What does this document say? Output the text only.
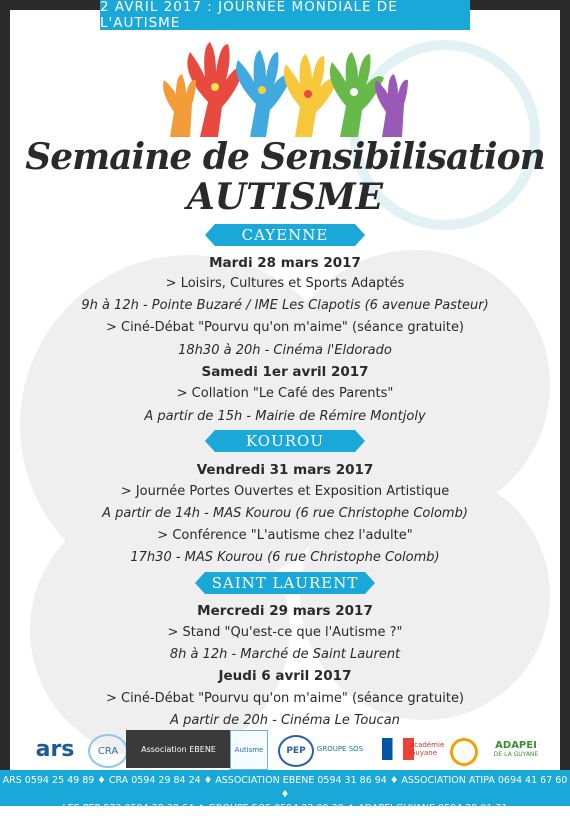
2 AVRIL 2017 : JOURNEE MONDIALE DE L'AUTISME
Semaine de Sensibilisation
AUTISME
CAYENNE
Mardi 28 mars 2017
> Loisirs, Cultures et Sports Adaptés
9h à 12h - Pointe Buzaré / IME Les Clapotis (6 avenue Pasteur)
> Ciné-Débat "Pourvu qu'on m'aime" (séance gratuite)
18h30 à 20h - Cinéma l'Eldorado
Samedi 1er avril 2017
> Collation "Le Café des Parents"
A partir de 15h - Mairie de Rémire Montjoly
KOUROU
Vendredi 31 mars 2017
> Journée Portes Ouvertes et Exposition Artistique
A partir de 14h - MAS Kourou (6 rue Christophe Colomb)
> Conférence "L'autisme chez l'adulte"
17h30 - MAS Kourou (6 rue Christophe Colomb)
SAINT LAURENT
Mercredi 29 mars 2017
> Stand "Qu'est-ce que l'Autisme ?"
8h à 12h - Marché de Saint Laurent
Jeudi 6 avril 2017
> Ciné-Débat "Pourvu qu'on m'aime" (séance gratuite)
A partir de 20h - Cinéma Le Toucan
ars CRA	Association EBENE	Autisme	PEP GROUPE SOS	académie Guyane
ADAPEI
DE LA GUYANE
ARS 0594 25 49 89 ♦ CRA 0594 29 84 24 ♦ ASSOCIATION EBENE 0594 31 86 94 ♦ ASSOCIATION ATIPA 0694 41 67 60 ♦
LES PEP 973 0594 38 38 64 ♦ GROUPE SOS 0594 22 09 38 ♦ ADAPEI GUYANE 0594 29 01 31
